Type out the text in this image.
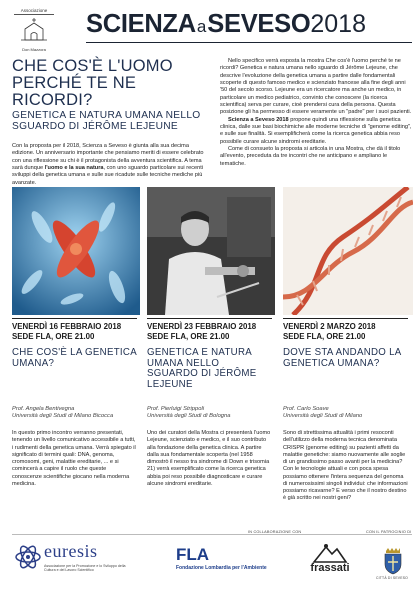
Associazione
Don Mazzora
SCIENZAaSEVESO2018
CHE COS'È L'UOMO PERCHÉ TE NE RICORDI?
GENETICA E NATURA UMANA NELLO SGUARDO DI JÉRÔME LEJEUNE

Con la proposta per il 2018, Scienza a Seveso è giunta alla sua decima edizione. Un anniversario importante che pensiamo meriti di essere celebrato con una riflessione su chi è il protagonista della avventura scientifica. A tema sarà dunque l'uomo e la sua natura, con uno sguardo particolare sui recenti sviluppi della genetica umana e sulle sue ricadute sulle tecniche mediche più avanzate.

Nello specifico verrà esposta la mostra Che cos'è l'uomo perché te ne ricordi? Genetica e natura umana nello sguardo di Jérôme Lejeune, che descrive l'evoluzione della genetica umana a partire dalle fondamentali scoperte di questo famoso medico e scienziato francese alla fine degli anni '50 del secolo scorso. Lejeune era un ricercatore ma anche un medico, in particolare un medico pediatrico, convinto che conoscere (la ricerca scientifica) serva per curare, cioè prendersi cura della persona. Questa posizione gli ha permesso di essere veramente un "padre" per i suoi pazienti.

Scienza a Seveso 2018 propone quindi una riflessione sulla genetica clinica, dalle sue basi biochimiche alle moderne tecniche di "genome editing", e sulle sue finalità. Si esemplificherà come la ricerca genetica abbia reso possibile curare alcune sindromi ereditarie.

Come di consueto la proposta si articola in una Mostra, che dà il titolo all'evento, preceduta da tre incontri che ne anticipano e ampliano le tematiche.

VENERDÌ 16 FEBBRAIO 2018
SEDE FLA, ORE 21.00
CHE COS'È LA GENETICA UMANA?
Prof. Angela Bentivegna
Università degli Studi di Milano Bicocca
In questo primo incontro verranno presentati, tenendo un livello comunicativo accessibile a tutti, i rudimenti della genetica umana. Verrà spiegato il significato di termini quali: DNA, genoma, cromosomi, geni, malattie ereditarie, ... e si comincerà a capire il ruolo che queste conoscenze scientifiche giocano nella moderna medicina.
VENERDÌ 23 FEBBRAIO 2018
SEDE FLA, ORE 21.00
GENETICA E NATURA UMANA NELLO SGUARDO DI JÉRÔME LEJEUNE
Prof. Pierluigi Strippoli
Università degli Studi di Bologna
Uno dei curatori della Mostra ci presenterà l'uomo Lejeune, scienziato e medico, e il suo contributo alla fondazione della genetica clinica. A partire dalla sua fondamentale scoperta (nel 1958 dimostrò il nesso tra sindrome di Down e trisomia 21) verrà esemplificato come la ricerca genetica abbia poi reso possibile diagnosticare e curare alcune sindromi ereditarie.
VENERDÌ 2 MARZO 2018
SEDE FLA, ORE 21.00
DOVE STA ANDANDO LA GENETICA UMANA?
Prof. Carlo Soave
Università degli Studi di Milano
Sono di strettissima attualità i primi resoconti dell'utilizzo della moderna tecnica denominata CRISPR (genome editing) su pazienti affetti da malattie genetiche: siamo nuovamente alle soglie di un grandissimo passo avanti per la medicina? Con le tecnologie attuali e con poca spesa possiamo ottenere l'intera sequenza del genoma di numerosissimi singoli individui: che informazioni possiamo ricavarne? E verso che il nostro destino è già scritto nei nostri geni?
IN COLLABORAZIONE CON	CON IL PATROCINIO DI
euresis
Associazione per la Promozione e lo Sviluppo della Cultura e del Lavoro Scientifico
FLA
Fondazione Lombardia per l'Ambiente	frassati
CITTÀ DI SEVESO
